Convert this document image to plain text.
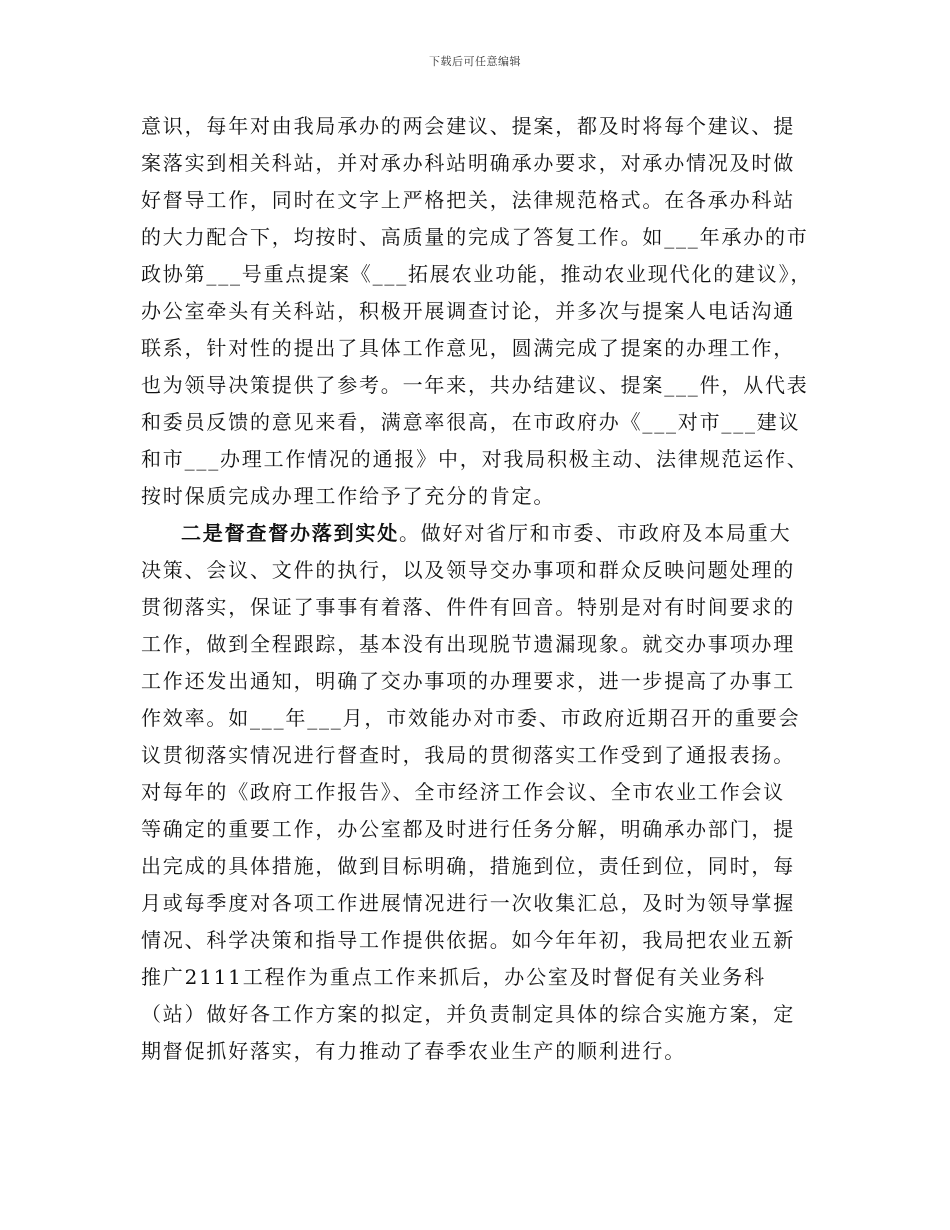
下载后可任意编辑
意识，每年对由我局承办的两会建议、提案，都及时将每个建议、提
案落实到相关科站，并对承办科站明确承办要求，对承办情况及时做
好督导工作，同时在文字上严格把关，法律规范格式。在各承办科站
的大力配合下，均按时、高质量的完成了答复工作。如___年承办的市
政协第___号重点提案《___拓展农业功能，推动农业现代化的建议》，
办公室牵头有关科站，积极开展调查讨论，并多次与提案人电话沟通
联系，针对性的提出了具体工作意见，圆满完成了提案的办理工作，
也为领导决策提供了参考。一年来，共办结建议、提案___件，从代表
和委员反馈的意见来看，满意率很高，在市政府办《___对市___建议
和市___办理工作情况的通报》中，对我局积极主动、法律规范运作、
按时保质完成办理工作给予了充分的肯定。
二是督查督办落到实处。做好对省厅和市委、市政府及本局重大
决策、会议、文件的执行，以及领导交办事项和群众反映问题处理的
贯彻落实，保证了事事有着落、件件有回音。特别是对有时间要求的
工作，做到全程跟踪，基本没有出现脱节遗漏现象。就交办事项办理
工作还发出通知，明确了交办事项的办理要求，进一步提高了办事工
作效率。如___年___月，市效能办对市委、市政府近期召开的重要会
议贯彻落实情况进行督查时，我局的贯彻落实工作受到了通报表扬。
对每年的《政府工作报告》、全市经济工作会议、全市农业工作会议
等确定的重要工作，办公室都及时进行任务分解，明确承办部门，提
出完成的具体措施，做到目标明确，措施到位，责任到位，同时，每
月或每季度对各项工作进展情况进行一次收集汇总，及时为领导掌握
情况、科学决策和指导工作提供依据。如今年年初，我局把农业五新
推广2111工程作为重点工作来抓后，办公室及时督促有关业务科
（站）做好各工作方案的拟定，并负责制定具体的综合实施方案，定
期督促抓好落实，有力推动了春季农业生产的顺利进行。
